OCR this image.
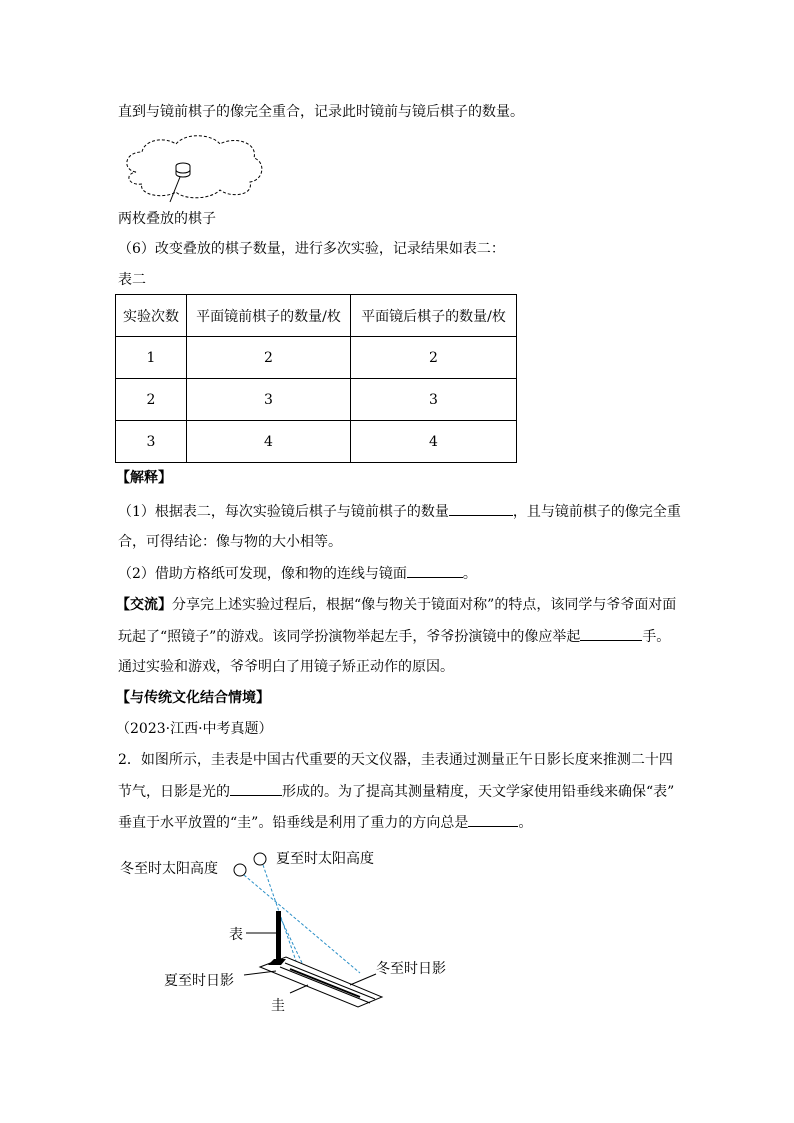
直到与镜前棋子的像完全重合，记录此时镜前与镜后棋子的数量。
两枚叠放的棋子
（6）改变叠放的棋子数量，进行多次实验，记录结果如表二：
表二
实验次数	平面镜前棋子的数量/枚	平面镜后棋子的数量/枚
1	2	2
2	3	3
3	4	4
【解释】
（1）根据表二，每次实验镜后棋子与镜前棋子的数量	，且与镜前棋子的像完全重
合，可得结论：像与物的大小相等。
（2）借助方格纸可发现，像和物的连线与镜面	。
【交流】分享完上述实验过程后，根据“像与物关于镜面对称”的特点，该同学与爷爷面对面
玩起了“照镜子”的游戏。该同学扮演物举起左手，爷爷扮演镜中的像应举起	手。
通过实验和游戏，爷爷明白了用镜子矫正动作的原因。
【与传统文化结合情境】
（2023·江西·中考真题）
2．如图所示，圭表是中国古代重要的天文仪器，圭表通过测量正午日影长度来推测二十四
节气，日影是光的	形成的。为了提高其测量精度，天文学家使用铅垂线来确保“表”
垂直于水平放置的“圭”。铅垂线是利用了重力的方向总是	。
冬至时太阳高度
夏至时太阳高度
表
夏至时日影
冬至时日影
圭
